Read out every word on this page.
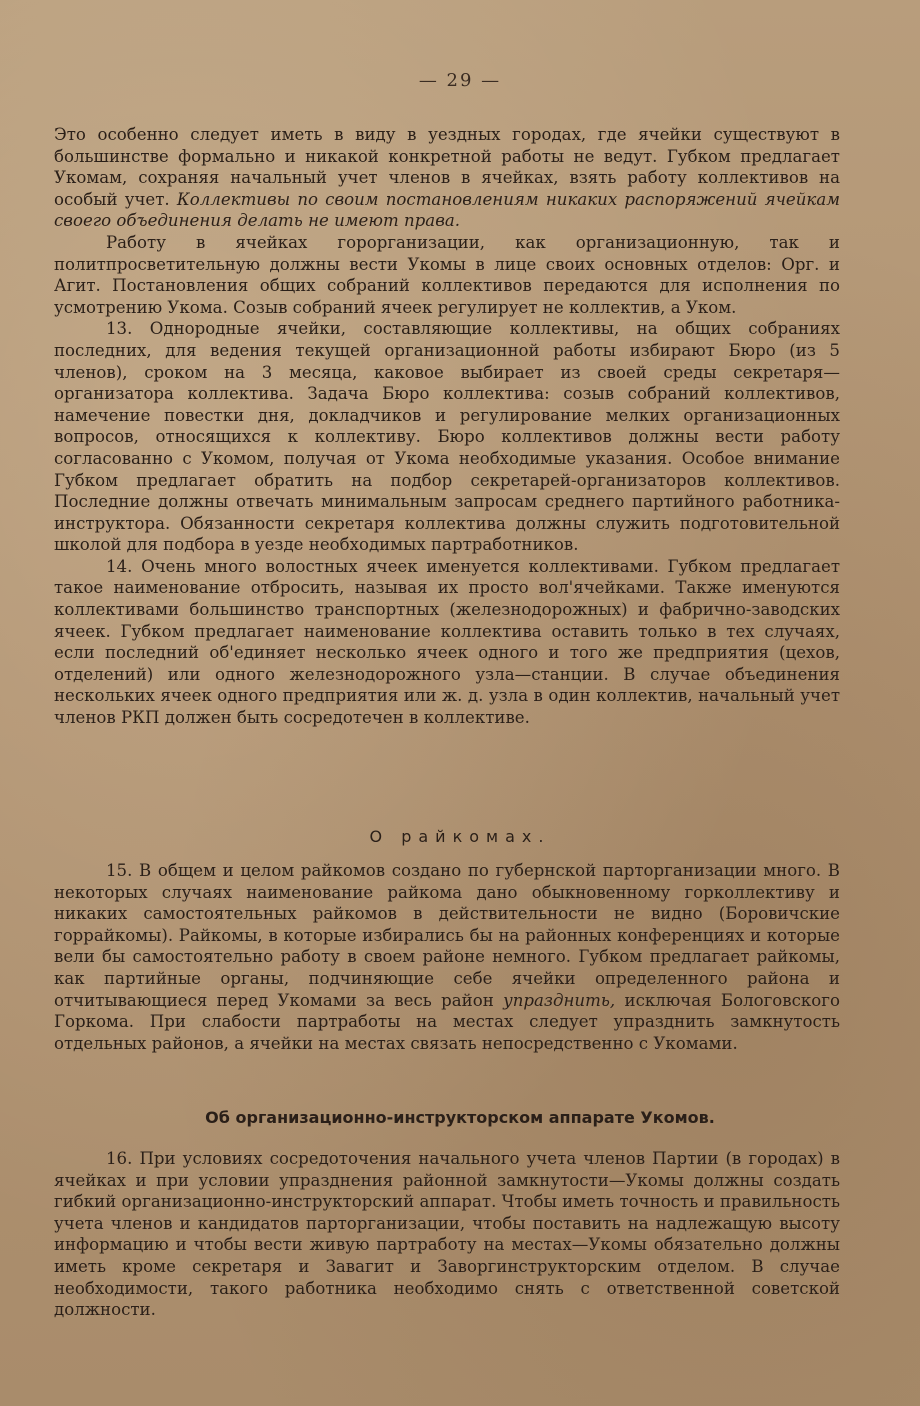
— 29 —

Это особенно следует иметь в виду в уездных городах, где ячейки существуют в большинстве формально и никакой конкретной работы не ведут. Губком предлагает Укомам, сохраняя начальный учет членов в ячейках, взять работу коллективов на особый учет. Коллективы по своим постановлениям никаких распоряжений ячейкам своего объединения делать не имеют права.

Работу в ячейках горорганизации, как организационную, так и политпросветительную должны вести Укомы в лице своих основных отделов: Орг. и Агит. Постановления общих собраний коллективов передаются для исполнения по усмотрению Укома. Созыв собраний ячеек регулирует не коллектив, а Уком.

13. Однородные ячейки, составляющие коллективы, на общих собраниях последних, для ведения текущей организационной работы избирают Бюро (из 5 членов), сроком на 3 месяца, каковое выбирает из своей среды секретаря—организатора коллектива. Задача Бюро коллектива: созыв собраний коллективов, намечение повестки дня, докладчиков и регулирование мелких организационных вопросов, относящихся к коллективу. Бюро коллективов должны вести работу согласованно с Укомом, получая от Укома необходимые указания. Особое внимание Губком предлагает обратить на подбор секретарей-организаторов коллективов. Последние должны отвечать минимальным запросам среднего партийного работника-инструктора. Обязанности секретаря коллектива должны служить подготовительной школой для подбора в уезде необходимых партработников.

14. Очень много волостных ячеек именуется коллективами. Губком предлагает такое наименование отбросить, называя их просто вол'ячейками. Также именуются коллективами большинство транспортных (железнодорожных) и фабрично-заводских ячеек. Губком предлагает наименование коллектива оставить только в тех случаях, если последний об'единяет несколько ячеек одного и того же предприятия (цехов, отделений) или одного железнодорожного узла—станции. В случае объединения нескольких ячеек одного предприятия или ж. д. узла в один коллектив, начальный учет членов РКП должен быть сосредотечен в коллективе.

О райкомах.

15. В общем и целом райкомов создано по губернской парторганизации много. В некоторых случаях наименование райкома дано обыкновенному горколлективу и никаких самостоятельных райкомов в действительности не видно (Боровичские горрайкомы). Райкомы, в которые избирались бы на районных конференциях и которые вели бы самостоятельно работу в своем районе немного. Губком предлагает райкомы, как партийные органы, подчиняющие себе ячейки определенного района и отчитывающиеся перед Укомами за весь район упразднить, исключая Бологовского Горкома. При слабости партработы на местах следует упразднить замкнутость отдельных районов, а ячейки на местах связать непосредственно с Укомами.

Об организационно-инструкторском аппарате Укомов.

16. При условиях сосредоточения начального учета членов Партии (в городах) в ячейках и при условии упразднения районной замкнутости—Укомы должны создать гибкий организационно-инструкторский аппарат. Чтобы иметь точность и правильность учета членов и кандидатов парторганизации, чтобы поставить на надлежащую высоту информацию и чтобы вести живую партработу на местах—Укомы обязательно должны иметь кроме секретаря и Завагит и Заворгинструкторским отделом. В случае необходимости, такого работника необходимо снять с ответственной советской должности.
